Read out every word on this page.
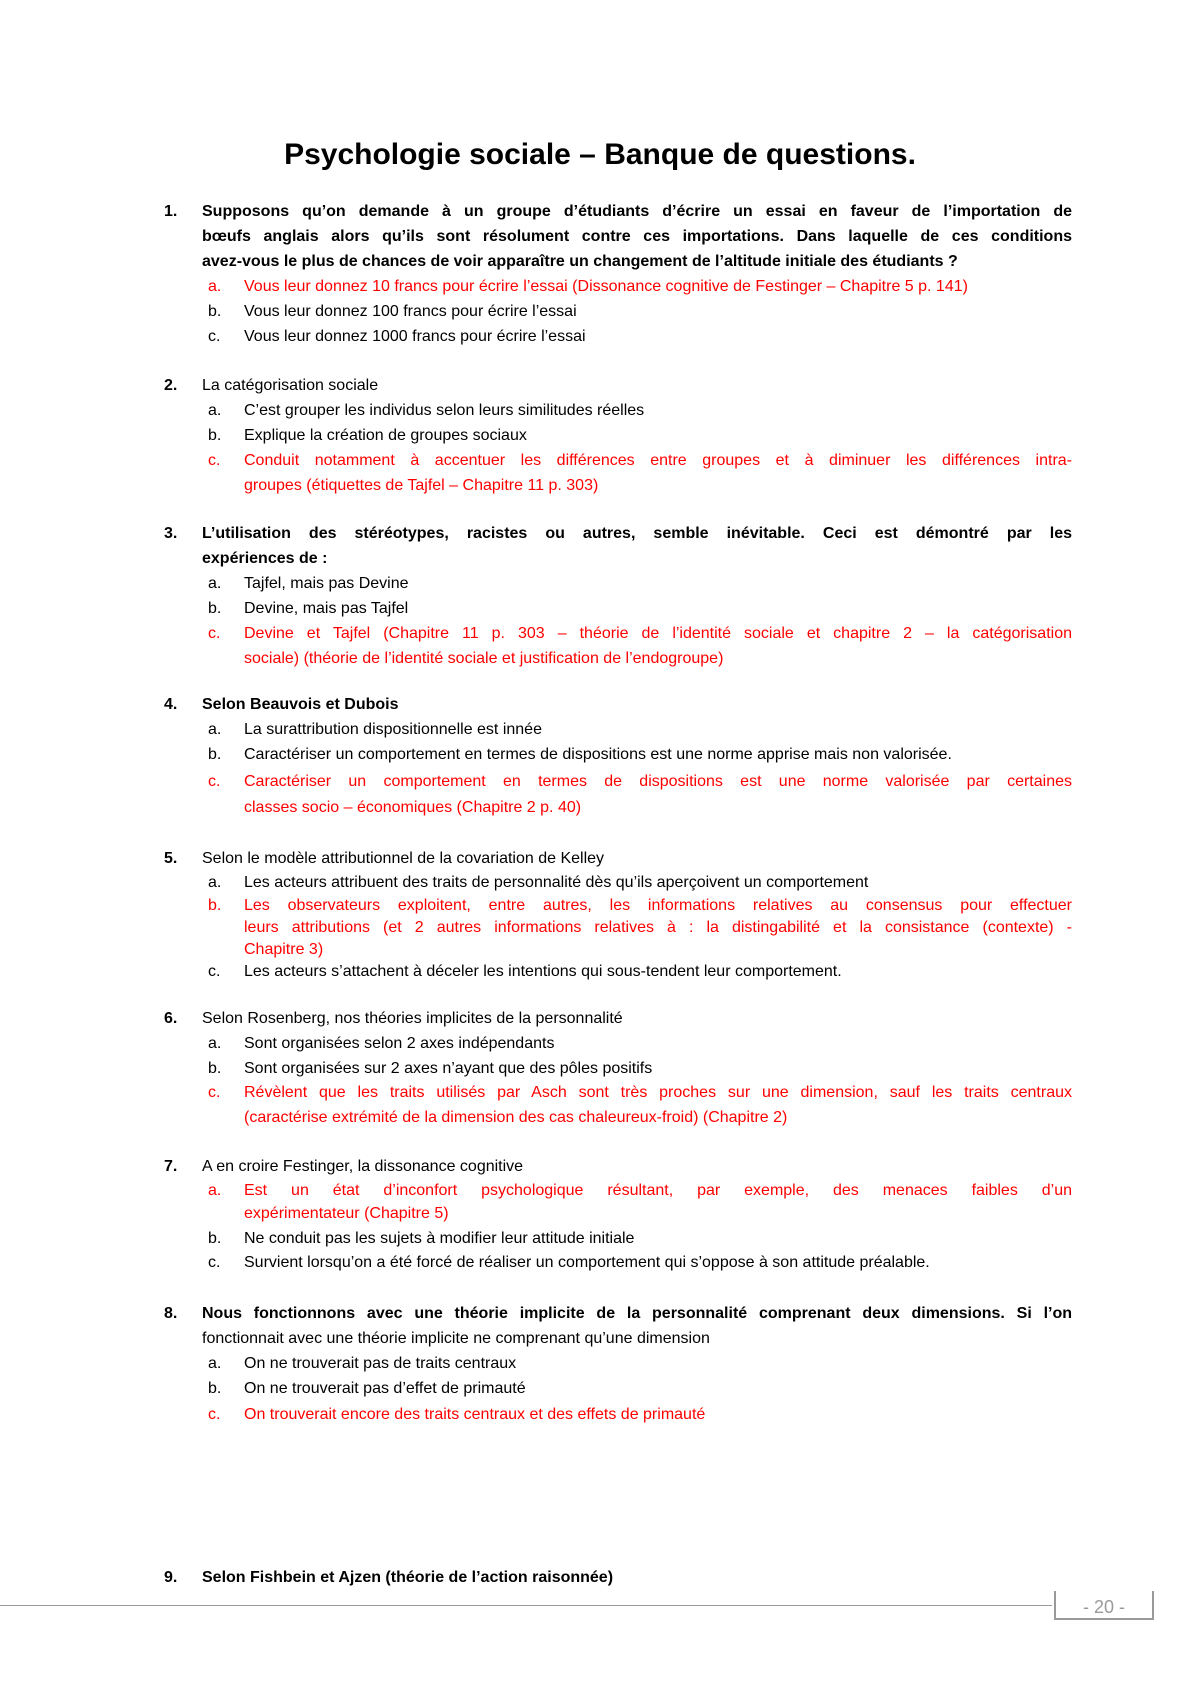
Psychologie sociale – Banque de questions.

1.	Supposons qu’on demande à un groupe d’étudiants d’écrire un essai en faveur de l’importation de

bœufs anglais alors qu’ils sont résolument contre ces importations. Dans laquelle de ces conditions

avez-vous le plus de chances de voir apparaître un changement de l’altitude initiale des étudiants ?

a. Vous leur donnez 10 francs pour écrire l’essai (Dissonance cognitive de Festinger – Chapitre 5 p. 141)

b. Vous leur donnez 100 francs pour écrire l’essai

c. Vous leur donnez 1000 francs pour écrire l’essai

2.	La catégorisation sociale

a. C’est grouper les individus selon leurs similitudes réelles

b. Explique la création de groupes sociaux

c. Conduit notamment à accentuer les différences entre groupes et à diminuer les différences intra-

groupes (étiquettes de Tajfel – Chapitre 11 p. 303)

3.	L’utilisation des stéréotypes, racistes ou autres, semble inévitable. Ceci est démontré par les

expériences de :

a. Tajfel, mais pas Devine

b. Devine, mais pas Tajfel

c. Devine et Tajfel (Chapitre 11 p. 303 – théorie de l’identité sociale et chapitre 2 – la catégorisation

sociale) (théorie de l’identité sociale et justification de l’endogroupe)

4.	Selon Beauvois et Dubois

a. La surattribution dispositionnelle est innée

b. Caractériser un comportement en termes de dispositions est une norme apprise mais non valorisée.

c. Caractériser un comportement en termes de dispositions est une norme valorisée par certaines

classes socio – économiques (Chapitre 2 p. 40)

5.	Selon le modèle attributionnel de la covariation de Kelley

a. Les acteurs attribuent des traits de personnalité dès qu’ils aperçoivent un comportement

b. Les observateurs exploitent, entre autres, les informations relatives au consensus pour effectuer

leurs attributions (et 2 autres informations relatives à : la distingabilité et la consistance (contexte) -

Chapitre 3)

c. Les acteurs s’attachent à déceler les intentions qui sous-tendent leur comportement.

6.	Selon Rosenberg, nos théories implicites de la personnalité

a. Sont organisées selon 2 axes indépendants

b. Sont organisées sur 2 axes n’ayant que des pôles positifs

c. Révèlent que les traits utilisés par Asch sont très proches sur une dimension, sauf les traits centraux

(caractérise extrémité de la dimension des cas chaleureux-froid) (Chapitre 2)

7.	A en croire Festinger, la dissonance cognitive

a. Est un état d’inconfort psychologique résultant, par exemple, des menaces faibles d’un

expérimentateur (Chapitre 5)

b. Ne conduit pas les sujets à modifier leur attitude initiale

c. Survient lorsqu’on a été forcé de réaliser un comportement qui s’oppose à son attitude préalable.

8.	Nous fonctionnons avec une théorie implicite de la personnalité comprenant deux dimensions. Si l’on

fonctionnait avec une théorie implicite ne comprenant qu’une dimension

a. On ne trouverait pas de traits centraux

b. On ne trouverait pas d’effet de primauté

c. On trouverait encore des traits centraux et des effets de primauté

9.	Selon Fishbein et Ajzen (théorie de l’action raisonnée)

- 20 -
